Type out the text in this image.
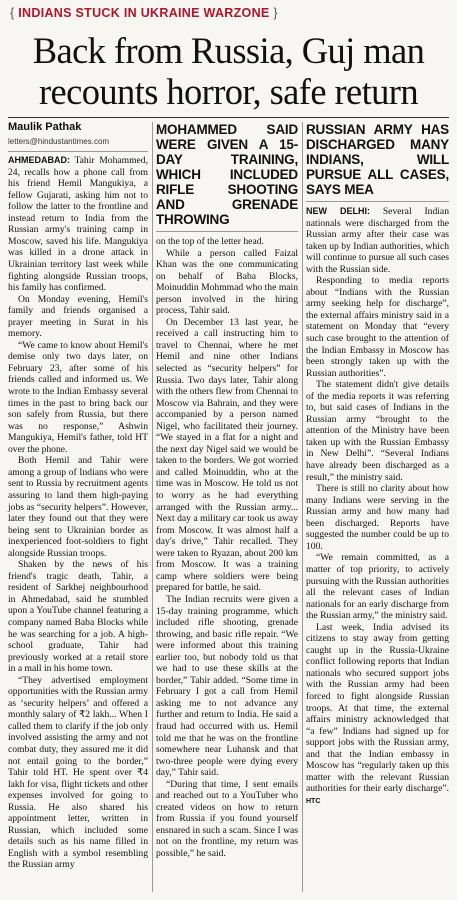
{ INDIANS STUCK IN UKRAINE WARZONE }
Back from Russia, Guj man
recounts horror, safe return
Maulik Pathak
letters@hindustantimes.com

AHMEDABAD: Tahir Mohammed, 24, recalls how a phone call from his friend Hemil Mangukiya, a fellow Gujarati, asking him not to follow the latter to the frontline and instead return to India from the Russian army's training camp in Moscow, saved his life. Mangukiya was killed in a drone attack in Ukrainian territory last week while fighting alongside Russian troops, his family has confirmed.

On Monday evening, Hemil's family and friends organised a prayer meeting in Surat in his memory.

“We came to know about Hemil's demise only two days later, on February 23, after some of his friends called and informed us. We wrote to the Indian Embassy several times in the past to bring back our son safely from Russia, but there was no response,” Ashwin Mangukiya, Hemil's father, told HT over the phone.

Both Hemil and Tahir were among a group of Indians who were sent to Russia by recruitment agents assuring to land them high-paying jobs as “security helpers”. However, later they found out that they were being sent to Ukrainian border as inexperienced foot-soldiers to fight alongside Russian troops.

Shaken by the news of his friend's tragic death, Tahir, a resident of Sarkhej neighbourhood in Ahmedabad, said he stumbled upon a YouTube channel featuring a company named Baba Blocks while he was searching for a job. A high-school graduate, Tahir had previously worked at a retail store in a mall in his home town.

“They advertised employment opportunities with the Russian army as ‘security helpers’ and offered a monthly salary of ₹2 lakh... When I called them to clarify if the job only involved assisting the army and not combat duty, they assured me it did not entail going to the border,” Tahir told HT. He spent over ₹4 lakh for visa, flight tickets and other expenses involved for going to Russia. He also shared his appointment letter, written in Russian, which included some details such as his name filled in English with a symbol resembling the Russian army

MOHAMMED SAID WERE GIVEN A 15-DAY TRAINING, WHICH INCLUDED RIFLE SHOOTING AND GRENADE THROWING

on the top of the letter head.

While a person called Faizal Khan was the one communicating on behalf of Baba Blocks, Moinuddin Mohmmad who the main person involved in the hiring process, Tahir said.

On December 13 last year, he received a call instructing him to travel to Chennai, where he met Hemil and nine other Indians selected as “security helpers” for Russia. Two days later, Tahir along with the others flew from Chennai to Moscow via Bahrain, and they were accompanied by a person named Nigel, who facilitated their journey. “We stayed in a flat for a night and the next day Nigel said we would be taken to the borders. We got worried and called Moinuddin, who at the time was in Moscow. He told us not to worry as he had everything arranged with the Russian army... Next day a military car took us away from Moscow. It was almost half a day's drive,” Tahir recalled. They were taken to Ryazan, about 200 km from Moscow. It was a training camp where soldiers were being prepared for battle, he said.

The Indian recruits were given a 15-day training programme, which included rifle shooting, grenade throwing, and basic rifle repair. “We were informed about this training earlier too, but nobody told us that we had to use these skills at the border,” Tahir added. “Some time in February I got a call from Hemil asking me to not advance any further and return to India. He said a fraud had occurred with us. Hemil told me that he was on the frontline somewhere near Luhansk and that two-three people were dying every day,” Tahir said.

“During that time, I sent emails and reached out to a YouTuber who created videos on how to return from Russia if you found yourself ensnared in such a scam. Since I was not on the frontline, my return was possible,” he said.

RUSSIAN ARMY HAS DISCHARGED MANY INDIANS, WILL PURSUE ALL CASES, SAYS MEA

NEW DELHI: Several Indian nationals were discharged from the Russian army after their case was taken up by Indian authorities, which will continue to pursue all such cases with the Russian side.

Responding to media reports about “Indians with the Russian army seeking help for discharge”, the external affairs ministry said in a statement on Monday that “every such case brought to the attention of the Indian Embassy in Moscow has been strongly taken up with the Russian authorities”.

The statement didn't give details of the media reports it was referring to, but said cases of Indians in the Russian army “brought to the attention of the Ministry have been taken up with the Russian Embassy in New Delhi”. “Several Indians have already been discharged as a result,” the ministry said.

There is still no clarity about how many Indians were serving in the Russian army and how many had been discharged. Reports have suggested the number could be up to 100.

“We remain committed, as a matter of top priority, to actively pursuing with the Russian authorities all the relevant cases of Indian nationals for an early discharge from the Russian army,” the ministry said.

Last week, India advised its citizens to stay away from getting caught up in the Russia-Ukraine conflict following reports that Indian nationals who secured support jobs with the Russian army had been forced to fight alongside Russian troops. At that time, the external affairs ministry acknowledged that “a few” Indians had signed up for support jobs with the Russian army, and that the Indian embassy in Moscow has “regularly taken up this matter with the relevant Russian authorities for their early discharge”. HTC
